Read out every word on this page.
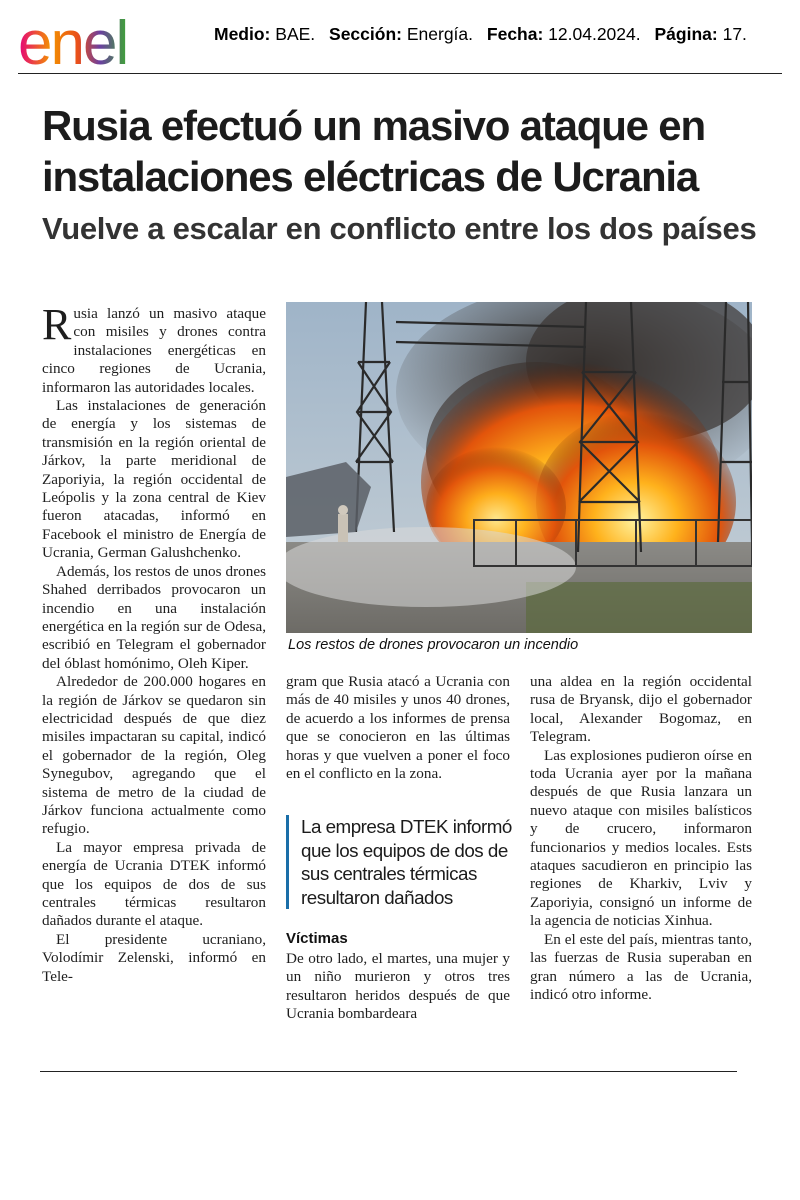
enel	Medio: BAE. Sección: Energía. Fecha: 12.04.2024. Página: 17.
Rusia efectuó un masivo ataque en instalaciones eléctricas de Ucrania
Vuelve a escalar en conflicto entre los dos países

Rusia lanzó un masivo ataque con misiles y drones contra instalaciones energéticas en cinco regiones de Ucrania, informaron las autoridades locales.

Las instalaciones de generación de energía y los sistemas de transmisión en la región oriental de Járkov, la parte meridional de Zaporiyia, la región occidental de Leópolis y la zona central de Kiev fueron atacadas, informó en Facebook el ministro de Energía de Ucrania, German Galushchenko.

Además, los restos de unos drones Shahed derribados provocaron un incendio en una instalación energética en la región sur de Odesa, escribió en Telegram el gobernador del óblast homónimo, Oleh Kiper.

Alrededor de 200.000 hogares en la región de Járkov se quedaron sin electricidad después de que diez misiles impactaran su capital, indicó el gobernador de la región, Oleg Synegubov, agregando que el sistema de metro de la ciudad de Járkov funciona actualmente como refugio.

La mayor empresa privada de energía de Ucrania DTEK informó que los equipos de dos de sus centrales térmicas resultaron dañados durante el ataque.

El presidente ucraniano, Volodímir Zelenski, informó en Tele-

Los restos de drones provocaron un incendio

gram que Rusia atacó a Ucrania con más de 40 misiles y unos 40 drones, de acuerdo a los informes de prensa que se conocieron en las últimas horas y que vuelven a poner el foco en el conflicto en la zona.

La empresa DTEK informó que los equipos de dos de sus centrales térmicas resultaron dañados
Víctimas

De otro lado, el martes, una mujer y un niño murieron y otros tres resultaron heridos después de que Ucrania bombardeara

una aldea en la región occidental rusa de Bryansk, dijo el gobernador local, Alexander Bogomaz, en Telegram.

Las explosiones pudieron oírse en toda Ucrania ayer por la mañana después de que Rusia lanzara un nuevo ataque con misiles balísticos y de crucero, informaron funcionarios y medios locales. Ests ataques sacudieron en principio las regiones de Kharkiv, Lviv y Zaporiyia, consignó un informe de la agencia de noticias Xinhua.

En el este del país, mientras tanto, las fuerzas de Rusia superaban en gran número a las de Ucrania, indicó otro informe.
